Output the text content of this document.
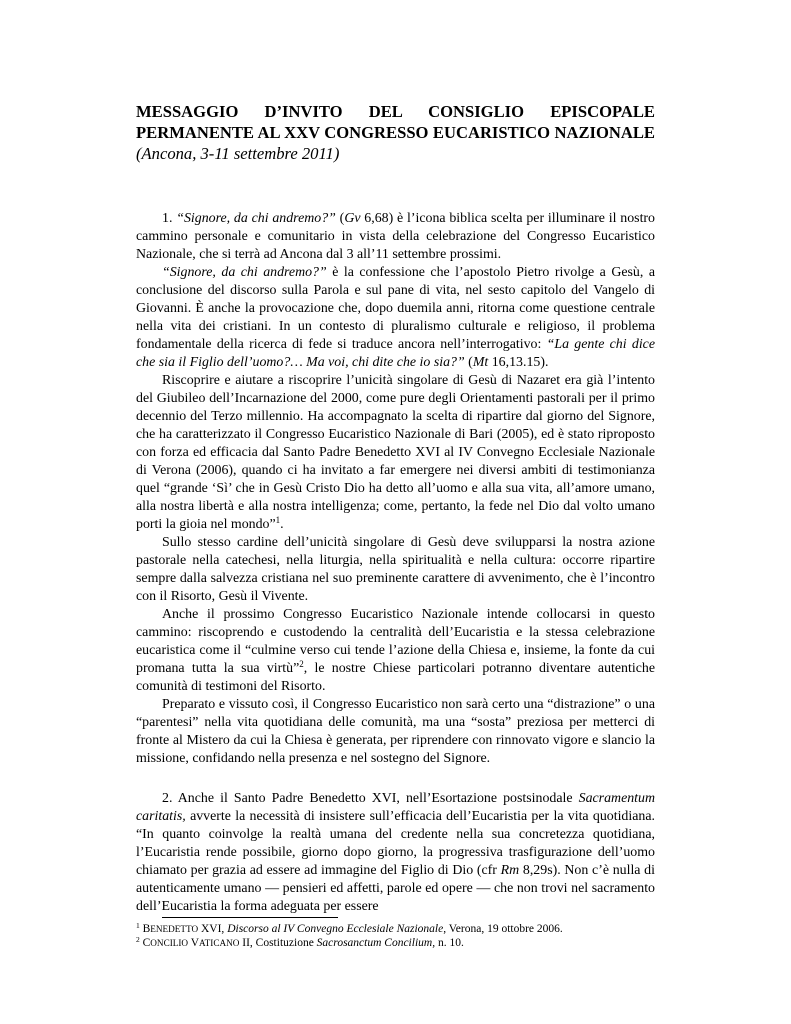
MESSAGGIO D’INVITO DEL CONSIGLIO EPISCOPALE PERMANENTE AL XXV CONGRESSO EUCARISTICO NAZIONALE (Ancona, 3-11 settembre 2011)

1. “Signore, da chi andremo?” (Gv 6,68) è l’icona biblica scelta per illuminare il nostro cammino personale e comunitario in vista della celebrazione del Congresso Eucaristico Nazionale, che si terrà ad Ancona dal 3 all’11 settembre prossimi.

“Signore, da chi andremo?” è la confessione che l’apostolo Pietro rivolge a Gesù, a conclusione del discorso sulla Parola e sul pane di vita, nel sesto capitolo del Vangelo di Giovanni. È anche la provocazione che, dopo duemila anni, ritorna come questione centrale nella vita dei cristiani. In un contesto di pluralismo culturale e religioso, il problema fondamentale della ricerca di fede si traduce ancora nell’interrogativo: “La gente chi dice che sia il Figlio dell’uomo?… Ma voi, chi dite che io sia?” (Mt 16,13.15).

Riscoprire e aiutare a riscoprire l’unicità singolare di Gesù di Nazaret era già l’intento del Giubileo dell’Incarnazione del 2000, come pure degli Orientamenti pastorali per il primo decennio del Terzo millennio. Ha accompagnato la scelta di ripartire dal giorno del Signore, che ha caratterizzato il Congresso Eucaristico Nazionale di Bari (2005), ed è stato riproposto con forza ed efficacia dal Santo Padre Benedetto XVI al IV Convegno Ecclesiale Nazionale di Verona (2006), quando ci ha invitato a far emergere nei diversi ambiti di testimonianza quel “grande ‘Sì’ che in Gesù Cristo Dio ha detto all’uomo e alla sua vita, all’amore umano, alla nostra libertà e alla nostra intelligenza; come, pertanto, la fede nel Dio dal volto umano porti la gioia nel mondo”$^1$.

Sullo stesso cardine dell’unicità singolare di Gesù deve svilupparsi la nostra azione pastorale nella catechesi, nella liturgia, nella spiritualità e nella cultura: occorre ripartire sempre dalla salvezza cristiana nel suo preminente carattere di avvenimento, che è l’incontro con il Risorto, Gesù il Vivente.

Anche il prossimo Congresso Eucaristico Nazionale intende collocarsi in questo cammino: riscoprendo e custodendo la centralità dell’Eucaristia e la stessa celebrazione eucaristica come il “culmine verso cui tende l’azione della Chiesa e, insieme, la fonte da cui promana tutta la sua virtù”$^2$, le nostre Chiese particolari potranno diventare autentiche comunità di testimoni del Risorto.

Preparato e vissuto così, il Congresso Eucaristico non sarà certo una “distrazione” o una “parentesi” nella vita quotidiana delle comunità, ma una “sosta” preziosa per metterci di fronte al Mistero da cui la Chiesa è generata, per riprendere con rinnovato vigore e slancio la missione, confidando nella presenza e nel sostegno del Signore.

2. Anche il Santo Padre Benedetto XVI, nell’Esortazione postsinodale Sacramentum caritatis, avverte la necessità di insistere sull’efficacia dell’Eucaristia per la vita quotidiana. “In quanto coinvolge la realtà umana del credente nella sua concretezza quotidiana, l’Eucaristia rende possibile, giorno dopo giorno, la progressiva trasfigurazione dell’uomo chiamato per grazia ad essere ad immagine del Figlio di Dio (cfr Rm 8,29s). Non c’è nulla di autenticamente umano — pensieri ed affetti, parole ed opere — che non trovi nel sacramento dell’Eucaristia la forma adeguata per essere

$^1$ BENEDETTO XVI, Discorso al IV Convegno Ecclesiale Nazionale, Verona, 19 ottobre 2006.

$^2$ CONCILIO VATICANO II, Costituzione Sacrosanctum Concilium, n. 10.
